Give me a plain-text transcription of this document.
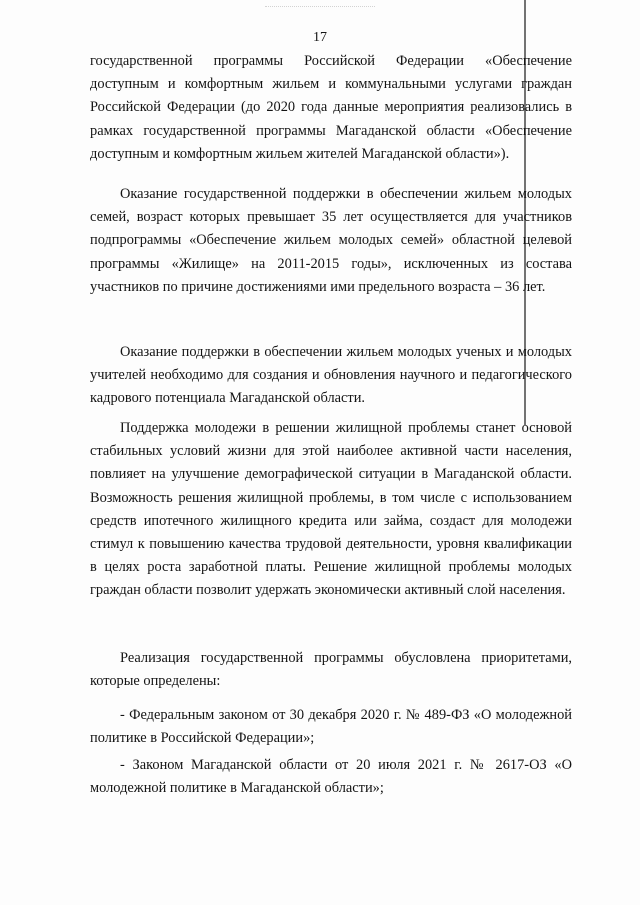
17

государственной программы Российской Федерации «Обеспечение доступным и комфортным жильем и коммунальными услугами граждан Российской Федерации (до 2020 года данные мероприятия реализовались в рамках государственной программы Магаданской области «Обеспечение доступным и комфортным жильем жителей Магаданской области»).

Оказание государственной поддержки в обеспечении жильем молодых семей, возраст которых превышает 35 лет осуществляется для участников подпрограммы «Обеспечение жильем молодых семей» областной целевой программы «Жилище» на 2011-2015 годы», исключенных из состава участников по причине достижениями ими предельного возраста – 36 лет.

Оказание поддержки в обеспечении жильем молодых ученых и молодых учителей необходимо для создания и обновления научного и педагогического кадрового потенциала Магаданской области.

Поддержка молодежи в решении жилищной проблемы станет основой стабильных условий жизни для этой наиболее активной части населения, повлияет на улучшение демографической ситуации в Магаданской области. Возможность решения жилищной проблемы, в том числе с использованием средств ипотечного жилищного кредита или займа, создаст для молодежи стимул к повышению качества трудовой деятельности, уровня квалификации в целях роста заработной платы. Решение жилищной проблемы молодых граждан области позволит удержать экономически активный слой населения.

Реализация государственной программы обусловлена приоритетами, которые определены:

- Федеральным законом от 30 декабря 2020 г. № 489-ФЗ «О молодежной политике в Российской Федерации»;

- Законом Магаданской области от 20 июля 2021 г. № 2617-ОЗ «О молодежной политике в Магаданской области»;
